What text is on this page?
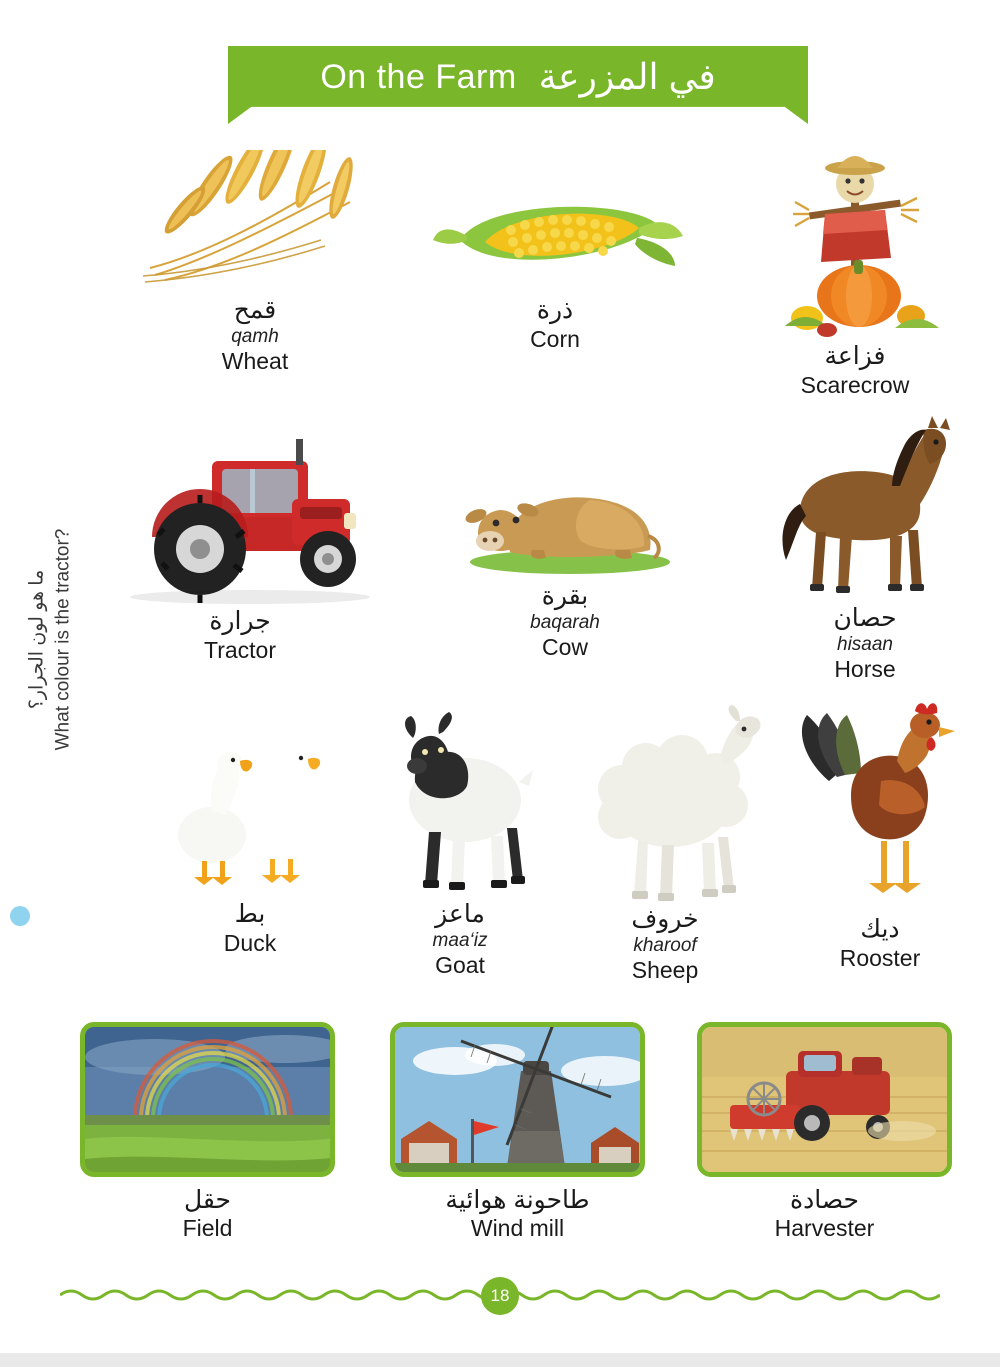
On the Farm في المزرعة
ما هو لون الجرار؟ What colour is the tractor?
قمح
qamh
Wheat
ذرة
Corn
فزاعة
Scarecrow
جرارة
Tractor
بقرة
baqarah
Cow
حصان
hisaan
Horse
بط
Duck
ماعز
maa‘iz
Goat
خروف
kharoof
Sheep
ديك
Rooster
حقل
Field
طاحونة هوائية
Wind mill
حصادة
Harvester
18
